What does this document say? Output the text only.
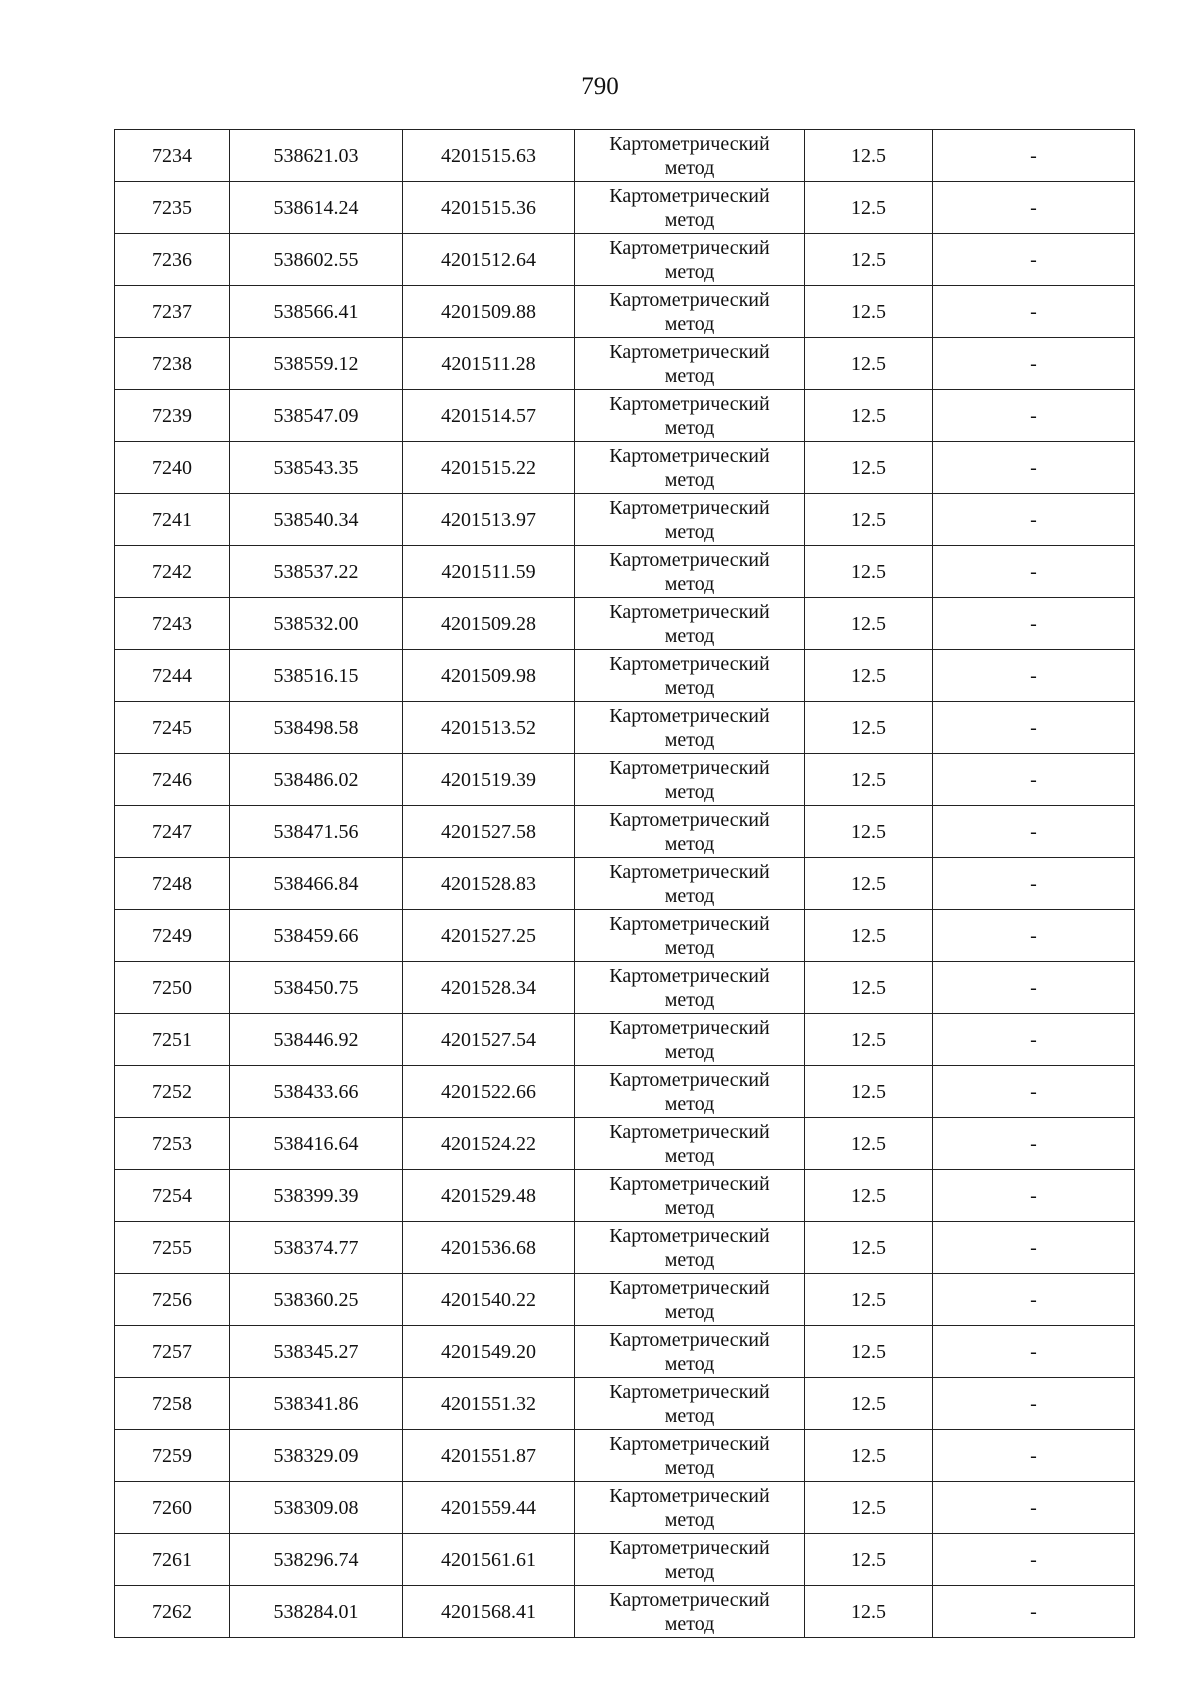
790
7234	538621.03	4201515.63	Картометрический
метод	12.5	-
7235	538614.24	4201515.36	Картометрический
метод	12.5	-
7236	538602.55	4201512.64	Картометрический
метод	12.5	-
7237	538566.41	4201509.88	Картометрический
метод	12.5	-
7238	538559.12	4201511.28	Картометрический
метод	12.5	-
7239	538547.09	4201514.57	Картометрический
метод	12.5	-
7240	538543.35	4201515.22	Картометрический
метод	12.5	-
7241	538540.34	4201513.97	Картометрический
метод	12.5	-
7242	538537.22	4201511.59	Картометрический
метод	12.5	-
7243	538532.00	4201509.28	Картометрический
метод	12.5	-
7244	538516.15	4201509.98	Картометрический
метод	12.5	-
7245	538498.58	4201513.52	Картометрический
метод	12.5	-
7246	538486.02	4201519.39	Картометрический
метод	12.5	-
7247	538471.56	4201527.58	Картометрический
метод	12.5	-
7248	538466.84	4201528.83	Картометрический
метод	12.5	-
7249	538459.66	4201527.25	Картометрический
метод	12.5	-
7250	538450.75	4201528.34	Картометрический
метод	12.5	-
7251	538446.92	4201527.54	Картометрический
метод	12.5	-
7252	538433.66	4201522.66	Картометрический
метод	12.5	-
7253	538416.64	4201524.22	Картометрический
метод	12.5	-
7254	538399.39	4201529.48	Картометрический
метод	12.5	-
7255	538374.77	4201536.68	Картометрический
метод	12.5	-
7256	538360.25	4201540.22	Картометрический
метод	12.5	-
7257	538345.27	4201549.20	Картометрический
метод	12.5	-
7258	538341.86	4201551.32	Картометрический
метод	12.5	-
7259	538329.09	4201551.87	Картометрический
метод	12.5	-
7260	538309.08	4201559.44	Картометрический
метод	12.5	-
7261	538296.74	4201561.61	Картометрический
метод	12.5	-
7262	538284.01	4201568.41	Картометрический
метод	12.5	-
